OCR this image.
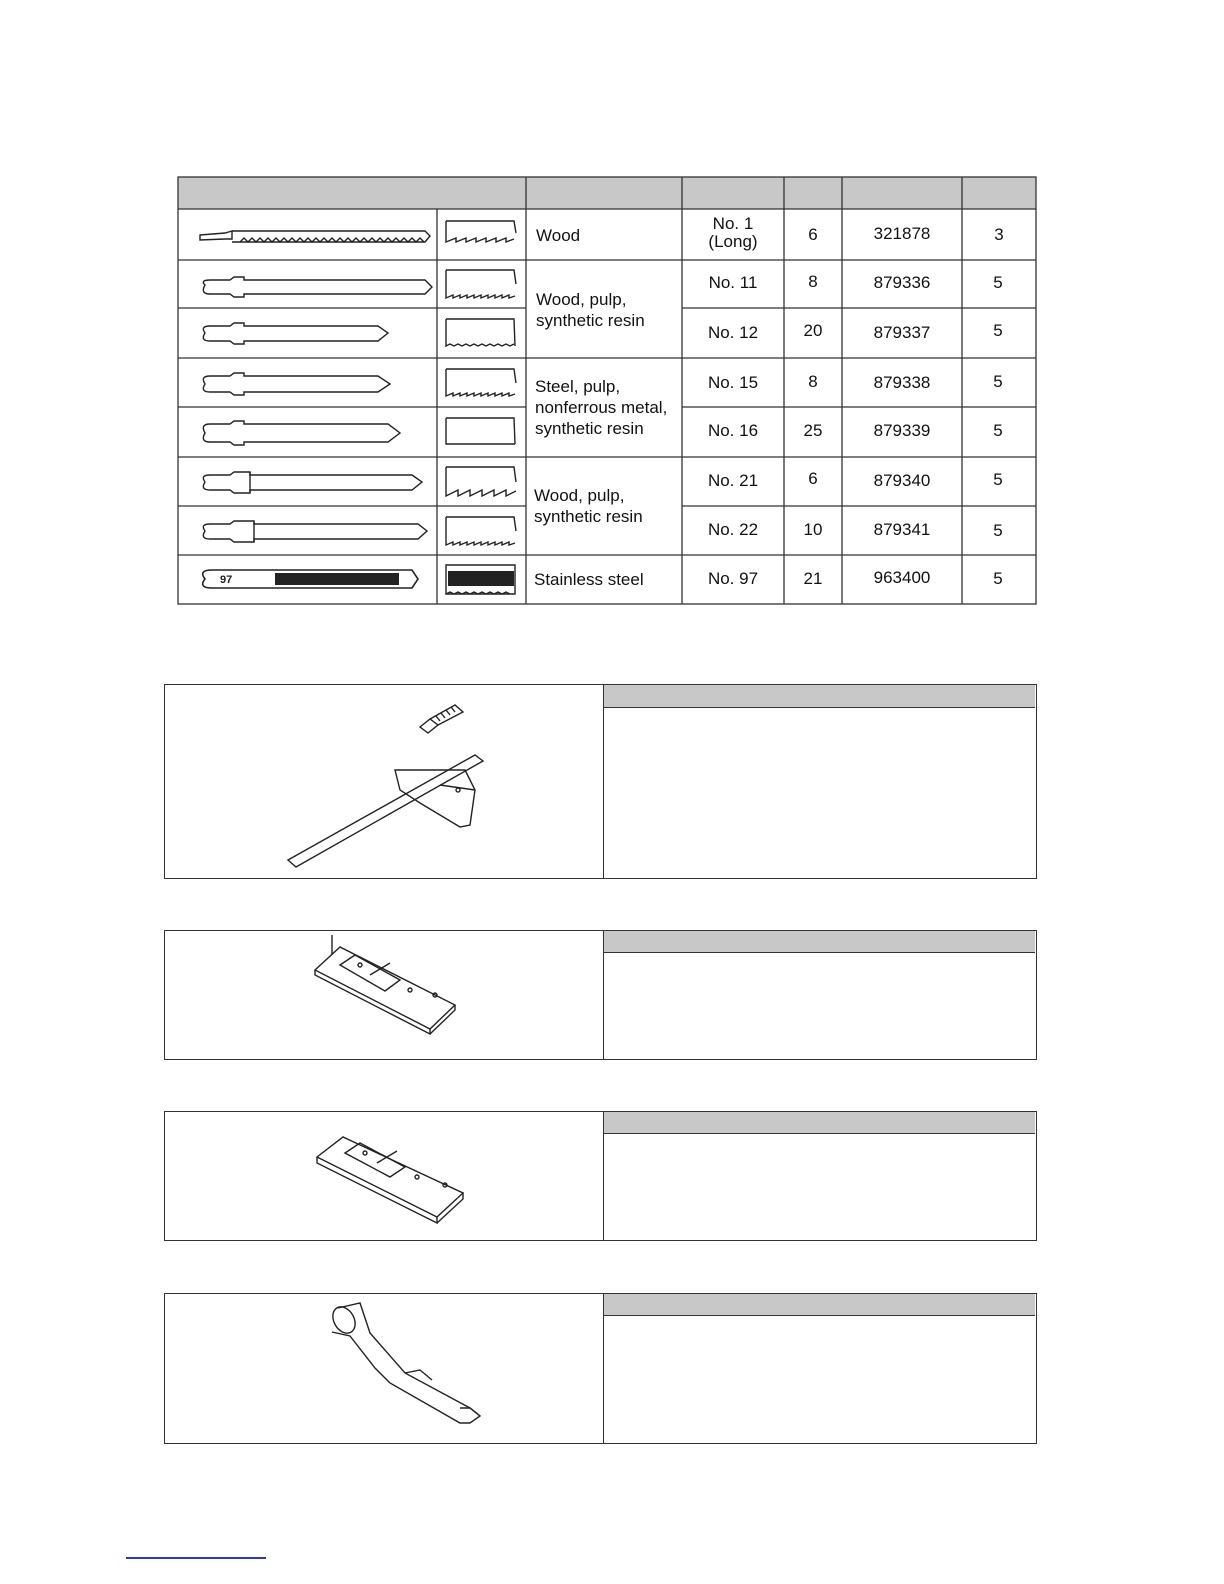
97
Wood
Wood, pulp,
synthetic resin
Steel, pulp,
nonferrous metal,
synthetic resin
Wood, pulp,
synthetic resin
Stainless steel
No. 1
(Long)
No. 11
No. 12
No. 15
No. 16
No. 21
No. 22
No. 97
6
8
20
8
25
6
10
21
321878
879336
879337
879338
879339
879340
879341
963400
3
5
5
5
5
5
5
5
